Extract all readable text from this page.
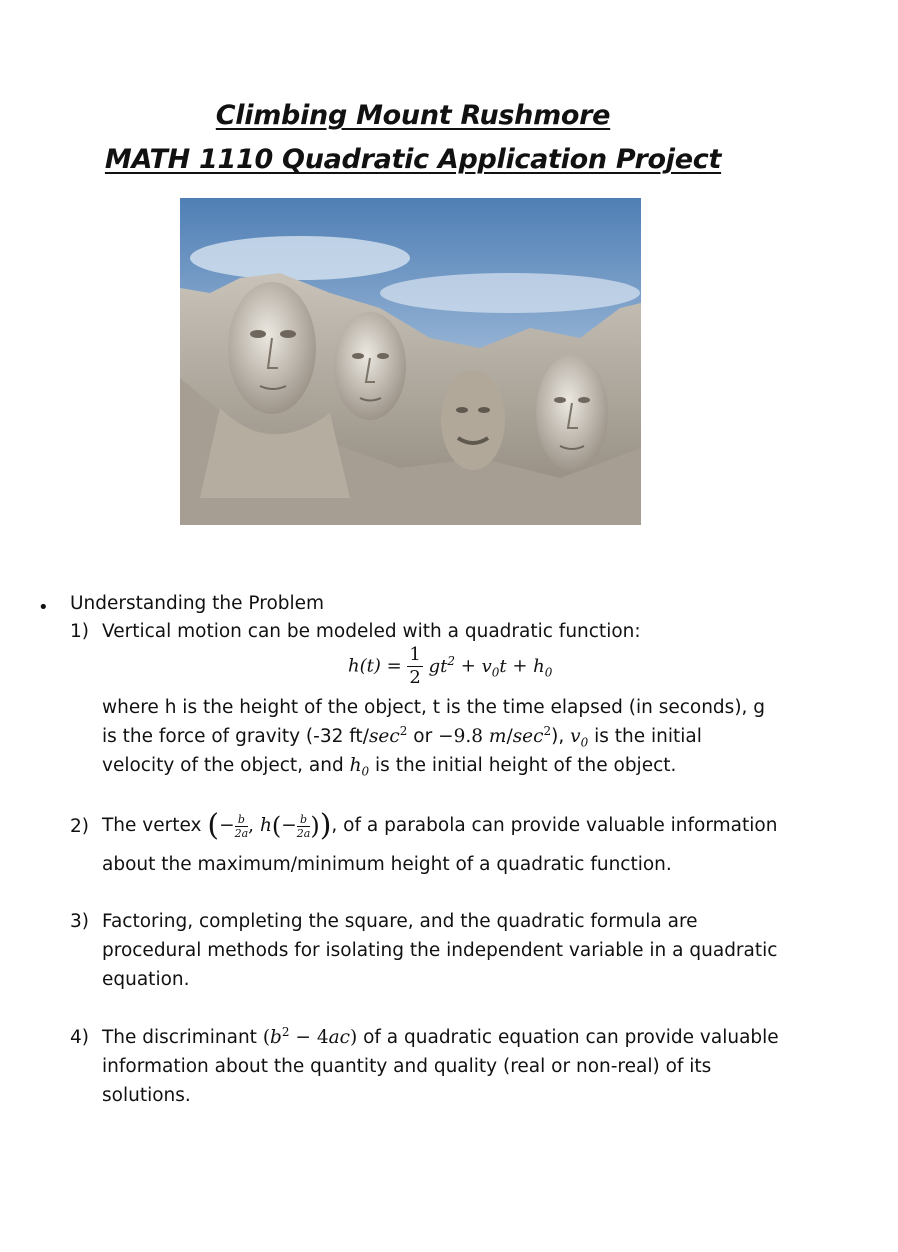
Climbing Mount Rushmore
MATH 1110 Quadratic Application Project
• Understanding the Problem
1) Vertical motion can be modeled with a quadratic function:
$h(t) = \frac{1}{2} gt^2 + v_0t + h_0$
where h is the height of the object, t is the time elapsed (in seconds), g
is the force of gravity (-32 $ft/\sec^2$ or −9.8 $m/\sec^2$), $v_0$ is the initial
velocity of the object, and $h_0$ is the initial height of the object.
2) The vertex (− $\frac{b}{2a}$ , $h(- \frac{b}{2a}$ )), of a parabola can provide valuable information
about the maximum/minimum height of a quadratic function.
3) Factoring, completing the square, and the quadratic formula are
procedural methods for isolating the independent variable in a quadratic
equation.
4) The discriminant $(b^2 - 4ac)$ of a quadratic equation can provide valuable
information about the quantity and quality (real or non-real) of its
solutions.
